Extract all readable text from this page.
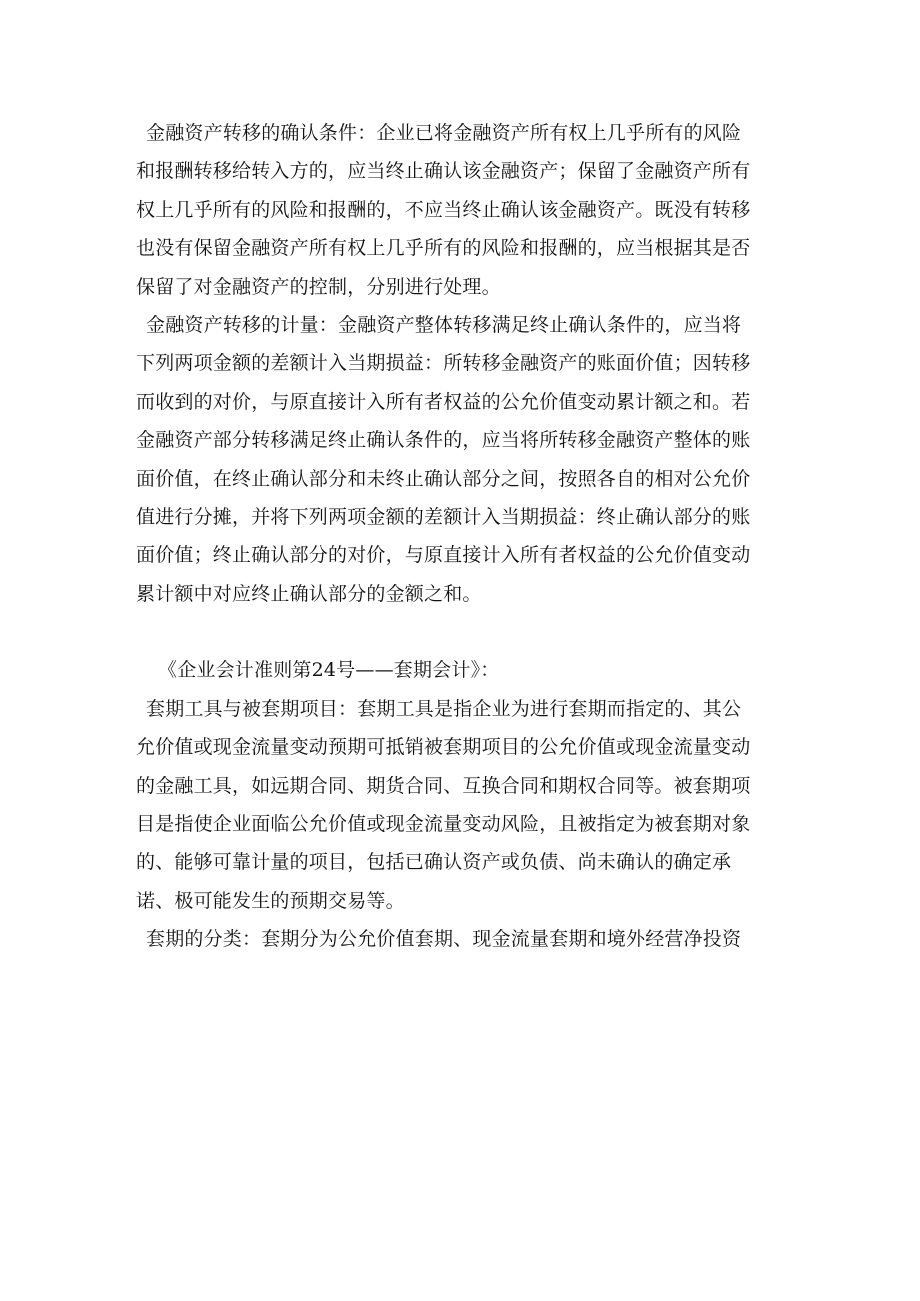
金融资产转移的确认条件：企业已将金融资产所有权上几乎所有的风险
和报酬转移给转入方的，应当终止确认该金融资产；保留了金融资产所有
权上几乎所有的风险和报酬的，不应当终止确认该金融资产。既没有转移
也没有保留金融资产所有权上几乎所有的风险和报酬的，应当根据其是否
保留了对金融资产的控制，分别进行处理。
金融资产转移的计量：金融资产整体转移满足终止确认条件的，应当将
下列两项金额的差额计入当期损益：所转移金融资产的账面价值；因转移
而收到的对价，与原直接计入所有者权益的公允价值变动累计额之和。若
金融资产部分转移满足终止确认条件的，应当将所转移金融资产整体的账
面价值，在终止确认部分和未终止确认部分之间，按照各自的相对公允价
值进行分摊，并将下列两项金额的差额计入当期损益：终止确认部分的账
面价值；终止确认部分的对价，与原直接计入所有者权益的公允价值变动
累计额中对应终止确认部分的金额之和。
《企业会计准则第24号——套期会计》：
套期工具与被套期项目：套期工具是指企业为进行套期而指定的、其公
允价值或现金流量变动预期可抵销被套期项目的公允价值或现金流量变动
的金融工具，如远期合同、期货合同、互换合同和期权合同等。被套期项
目是指使企业面临公允价值或现金流量变动风险，且被指定为被套期对象
的、能够可靠计量的项目，包括已确认资产或负债、尚未确认的确定承
诺、极可能发生的预期交易等。
套期的分类：套期分为公允价值套期、现金流量套期和境外经营净投资
